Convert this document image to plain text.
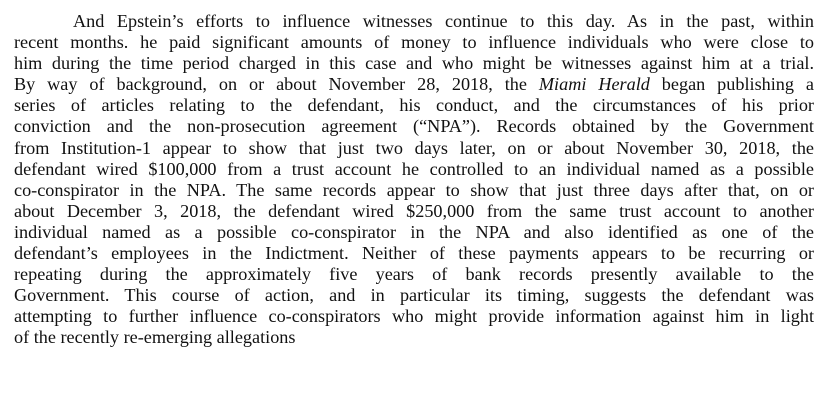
And Epstein’s efforts to influence witnesses continue to this day. As in the past, within
recent months. he paid significant amounts of money to influence individuals who were close to
him during the time period charged in this case and who might be witnesses against him at a trial.
By way of background, on or about November 28, 2018, the Miami Herald began publishing a
series of articles relating to the defendant, his conduct, and the circumstances of his prior
conviction and the non-prosecution agreement (“NPA”). Records obtained by the Government
from Institution-1 appear to show that just two days later, on or about November 30, 2018, the
defendant wired $100,000 from a trust account he controlled to an individual named as a possible
co-conspirator in the NPA. The same records appear to show that just three days after that, on or
about December 3, 2018, the defendant wired $250,000 from the same trust account to another
individual named as a possible co-conspirator in the NPA and also identified as one of the
defendant’s employees in the Indictment. Neither of these payments appears to be recurring or
repeating during the approximately five years of bank records presently available to the
Government. This course of action, and in particular its timing, suggests the defendant was
attempting to further influence co-conspirators who might provide information against him in light
of the recently re-emerging allegations
